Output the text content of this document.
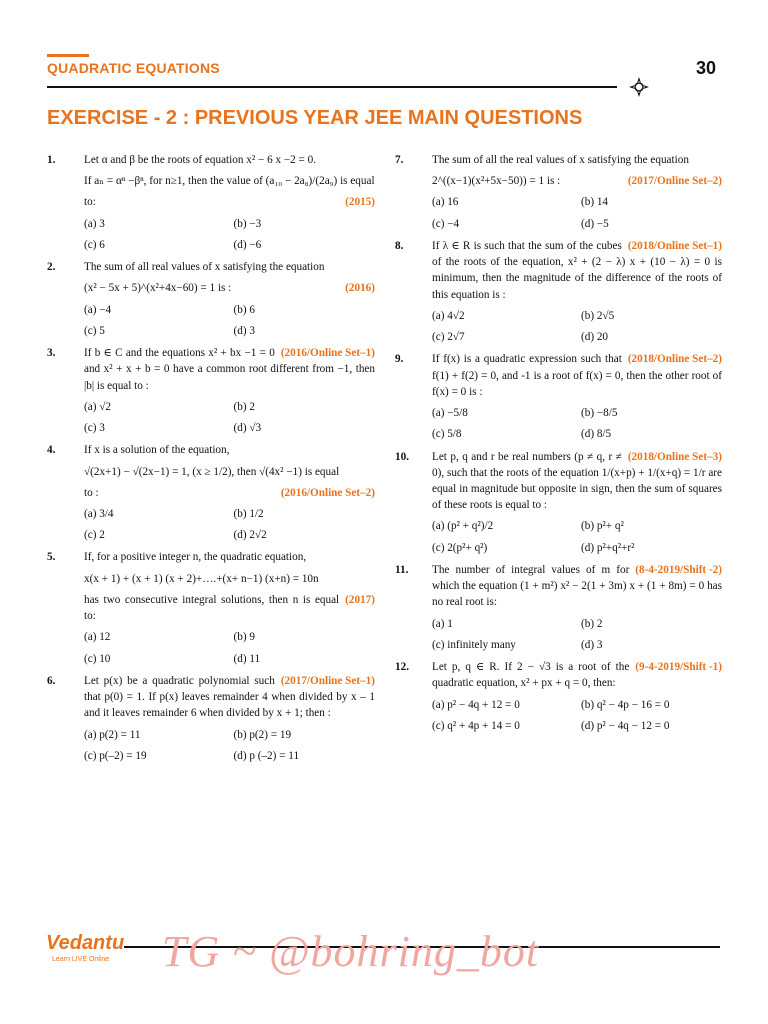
QUADRATIC EQUATIONS	30
EXERCISE - 2 : PREVIOUS YEAR JEE MAIN QUESTIONS
1.	Let α and β be the roots of equation x² − 6 x −2 = 0.
If aₙ = αⁿ −βⁿ, for n≥1, then the value of (a₁₀ − 2a₈)/(2a₉) is equal
(2015)
to:
(a) 3	(b) −3
(c) 6	(d) −6
2.	The sum of all real values of x satisfying the equation
(2016)
(x² − 5x + 5)^(x²+4x−60) = 1 is :
(a) −4	(b) 6
(c) 5	(d) 3
3.	(2016/Online Set–1)
If b ∈ C and the equations x² + bx −1 = 0 and x² + x + b = 0 have a common root different from −1, then |b| is equal to :
(a) √2	(b) 2
(c) 3	(d) √3
4.	If x is a solution of the equation,
√(2x+1) − √(2x−1) = 1, (x ≥ 1/2), then √(4x² −1) is equal
(2016/Online Set–2)
to :
(a) 3/4	(b) 1/2
(c) 2	(d) 2√2
5.	If, for a positive integer n, the quadratic equation,
x(x + 1) + (x + 1) (x + 2)+….+(x+ n−1) (x+n) = 10n
(2017)
has two consecutive integral solutions, then n is equal to:
(a) 12	(b) 9
(c) 10	(d) 11
6.	(2017/Online Set–1)
Let p(x) be a quadratic polynomial such that p(0) = 1. If p(x) leaves remainder 4 when divided by x – 1 and it leaves remainder 6 when divided by x + 1; then :
(a) p(2) = 11	(b) p(2) = 19
(c) p(–2) = 19	(d) p (–2) = 11
7.	The sum of all the real values of x satisfying the equation
(2017/Online Set–2)
2^((x−1)(x²+5x−50)) = 1 is :
(a) 16	(b) 14
(c) −4	(d) −5
8.	(2018/Online Set–1)
If λ ∈ R is such that the sum of the cubes of the roots of the equation, x² + (2 − λ) x + (10 − λ) = 0 is minimum, then the magnitude of the difference of the roots of this equation is :
(a) 4√2	(b) 2√5
(c) 2√7	(d) 20
9.	(2018/Online Set–2)
If f(x) is a quadratic expression such that f(1) + f(2) = 0, and -1 is a root of f(x) = 0, then the other root of f(x) = 0 is :
(a) −5/8	(b) −8/5
(c) 5/8	(d) 8/5
10.	(2018/Online Set–3)
Let p, q and r be real numbers (p ≠ q, r ≠ 0), such that the roots of the equation 1/(x+p) + 1/(x+q) = 1/r are equal in magnitude but opposite in sign, then the sum of squares of these roots is equal to :
(a) (p² + q²)/2	(b) p²+ q²
(c) 2(p²+ q²)	(d) p²+q²+r²
11.	(8-4-2019/Shift -2)
The number of integral values of m for which the equation (1 + m²) x² − 2(1 + 3m) x + (1 + 8m) = 0 has no real root is:
(a) 1	(b) 2
(c) infinitely many	(d) 3
12.	(9-4-2019/Shift -1)
Let p, q ∈ R. If 2 − √3 is a root of the quadratic equation, x² + px + q = 0, then:
(a) p² − 4q + 12 = 0	(b) q² − 4p − 16 = 0
(c) q² + 4p + 14 = 0	(d) p² − 4q − 12 = 0
Vedantu
Learn LIVE Online TG ~ @bohring_bot
